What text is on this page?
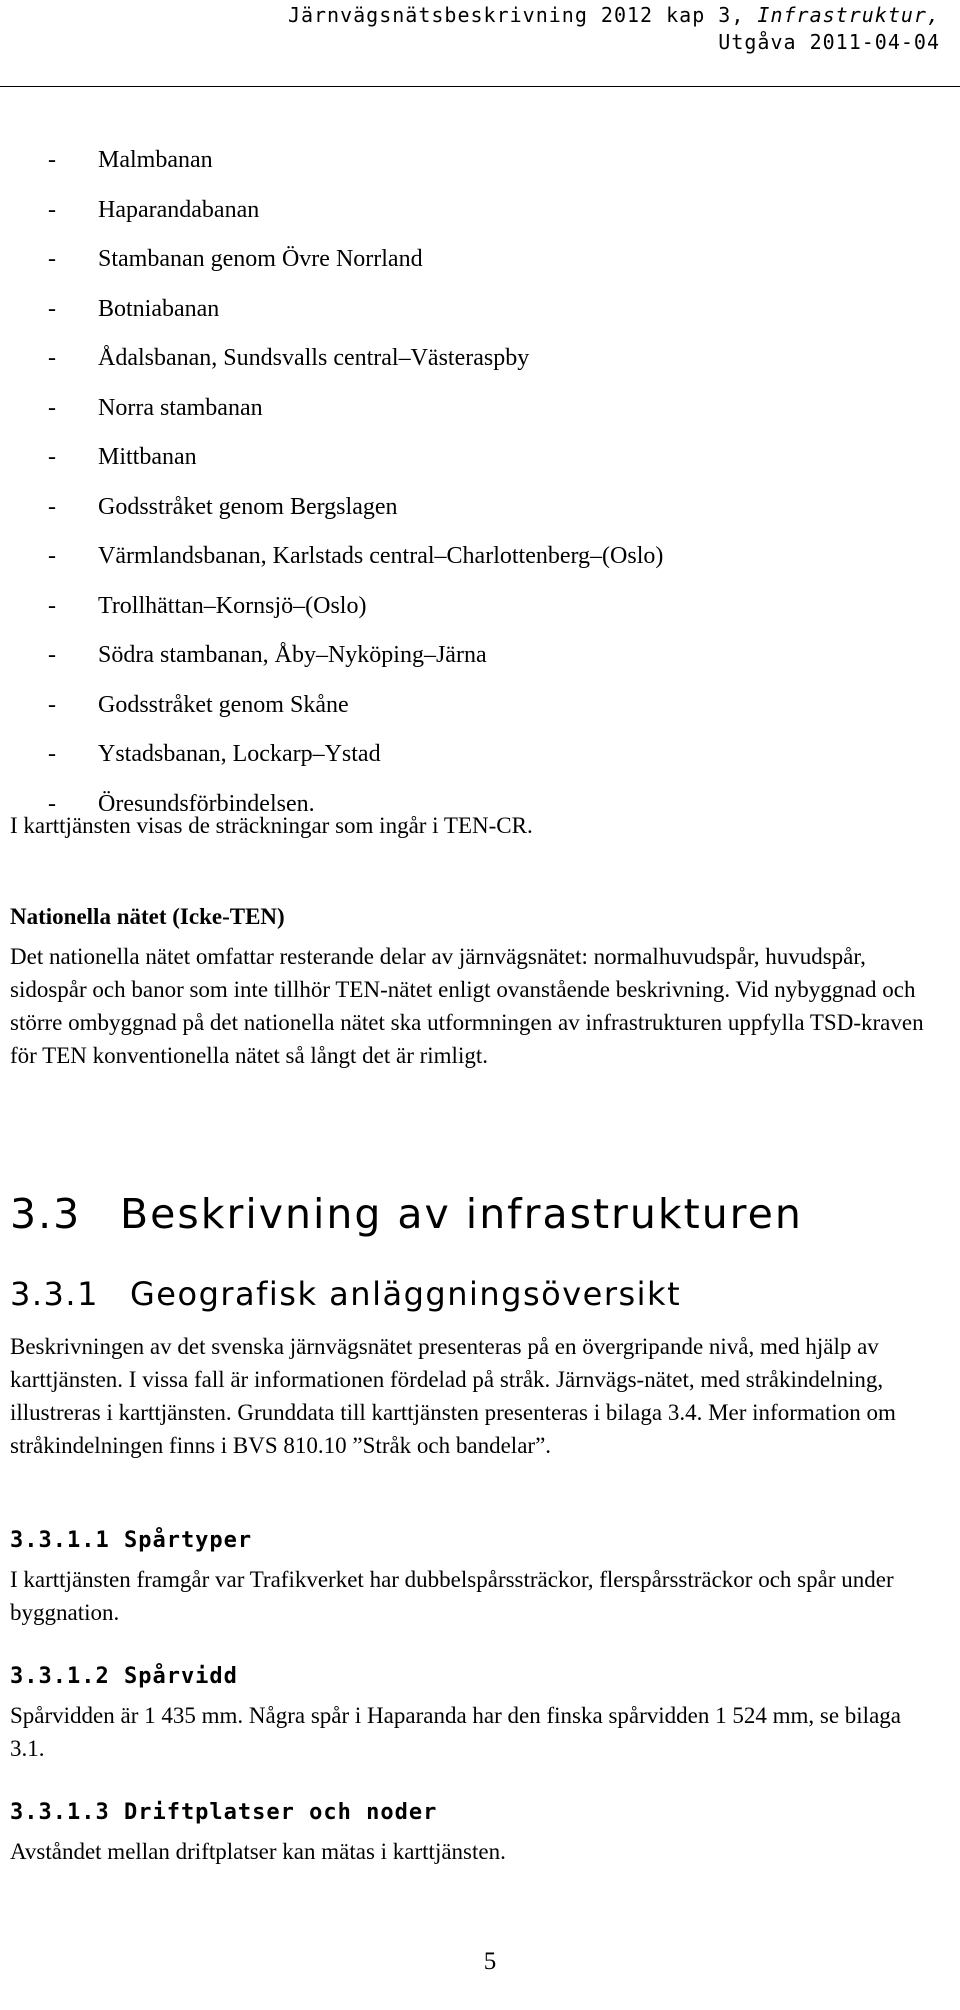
Järnvägsnätsbeskrivning 2012 kap 3, Infrastruktur,
Utgåva 2011-04-04
- Malmbanan
- Haparandabanan
- Stambanan genom Övre Norrland
- Botniabanan
- Ådalsbanan, Sundsvalls central–Västeraspby
- Norra stambanan
- Mittbanan
- Godsstråket genom Bergslagen
- Värmlandsbanan, Karlstads central–Charlottenberg–(Oslo)
- Trollhättan–Kornsjö–(Oslo)
- Södra stambanan, Åby–Nyköping–Järna
- Godsstråket genom Skåne
- Ystadsbanan, Lockarp–Ystad
- Öresundsförbindelsen.

I karttjänsten visas de sträckningar som ingår i TEN-CR.

Nationella nätet (Icke-TEN)

Det nationella nätet omfattar resterande delar av järnvägsnätet: normalhuvudspår, huvudspår, sidospår och banor som inte tillhör TEN-nätet enligt ovanstående beskrivning. Vid nybyggnad och större ombyggnad på det nationella nätet ska utformningen av infrastrukturen uppfylla TSD-kraven för TEN konventionella nätet så långt det är rimligt.

3.3 Beskrivning av infrastrukturen
3.3.1 Geografisk anläggningsöversikt

Beskrivningen av det svenska järnvägsnätet presenteras på en övergripande nivå, med hjälp av karttjänsten. I vissa fall är informationen fördelad på stråk. Järnvägs-nätet, med stråkindelning, illustreras i karttjänsten. Grunddata till karttjänsten presenteras i bilaga 3.4. Mer information om stråkindelningen finns i BVS 810.10 ”Stråk och bandelar”.

3.3.1.1 Spårtyper

I karttjänsten framgår var Trafikverket har dubbelspårssträckor, flerspårssträckor och spår under byggnation.

3.3.1.2 Spårvidd

Spårvidden är 1 435 mm. Några spår i Haparanda har den finska spårvidden 1 524 mm, se bilaga 3.1.

3.3.1.3 Driftplatser och noder

Avståndet mellan driftplatser kan mätas i karttjänsten.

5
